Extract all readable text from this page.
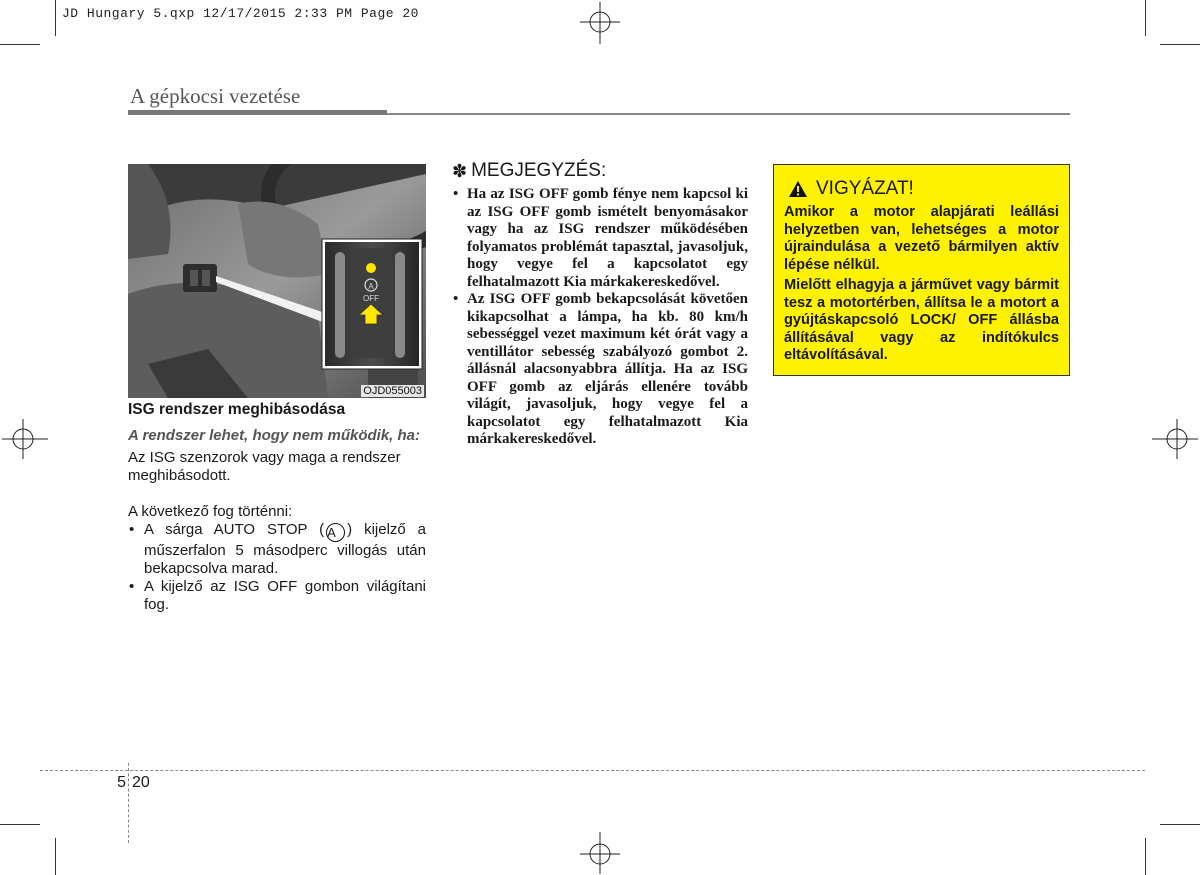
JD Hungary 5.qxp 12/17/2015 2:33 PM Page 20
A gépkocsi vezetése
A
OFF
OJD055003
ISG rendszer meghibásodása

A rendszer lehet, hogy nem működik, ha:

Az ISG szenzorok vagy maga a rendszer meghibásodott.

A következő fog történni:

• A sárga AUTO STOP ( A ) kijelző a műszerfalon 5 másodperc villogás után bekapcsolva marad.
• A kijelző az ISG OFF gombon világítani fog.
✽ MEGJEGYZÉS:
• Ha az ISG OFF gomb fénye nem kapcsol ki az ISG OFF gomb ismételt benyomásakor vagy ha az ISG rendszer működésében folyamatos problémát tapasztal, javasoljuk, hogy vegye fel a kapcsolatot egy felhatalmazott Kia márkakereskedővel.
• Az ISG OFF gomb bekapcsolását követően kikapcsolhat a lámpa, ha kb. 80 km/h sebességgel vezet maximum két órát vagy a ventillátor sebesség szabályozó gombot 2. állásnál alacsonyabbra állítja. Ha az ISG OFF gomb az eljárás ellenére tovább világít, javasoljuk, hogy vegye fel a kapcsolatot egy felhatalmazott Kia márkakereskedővel.
VIGYÁZAT!

Amikor a motor alapjárati leállási helyzetben van, lehetséges a motor újraindulása a vezető bármilyen aktív lépése nélkül.

Mielőtt elhagyja a járművet vagy bármit tesz a motortérben, állítsa le a motort a gyújtáskapcsoló LOCK/ OFF állásba állításával vagy az indítókulcs eltávolításával.

5 20
